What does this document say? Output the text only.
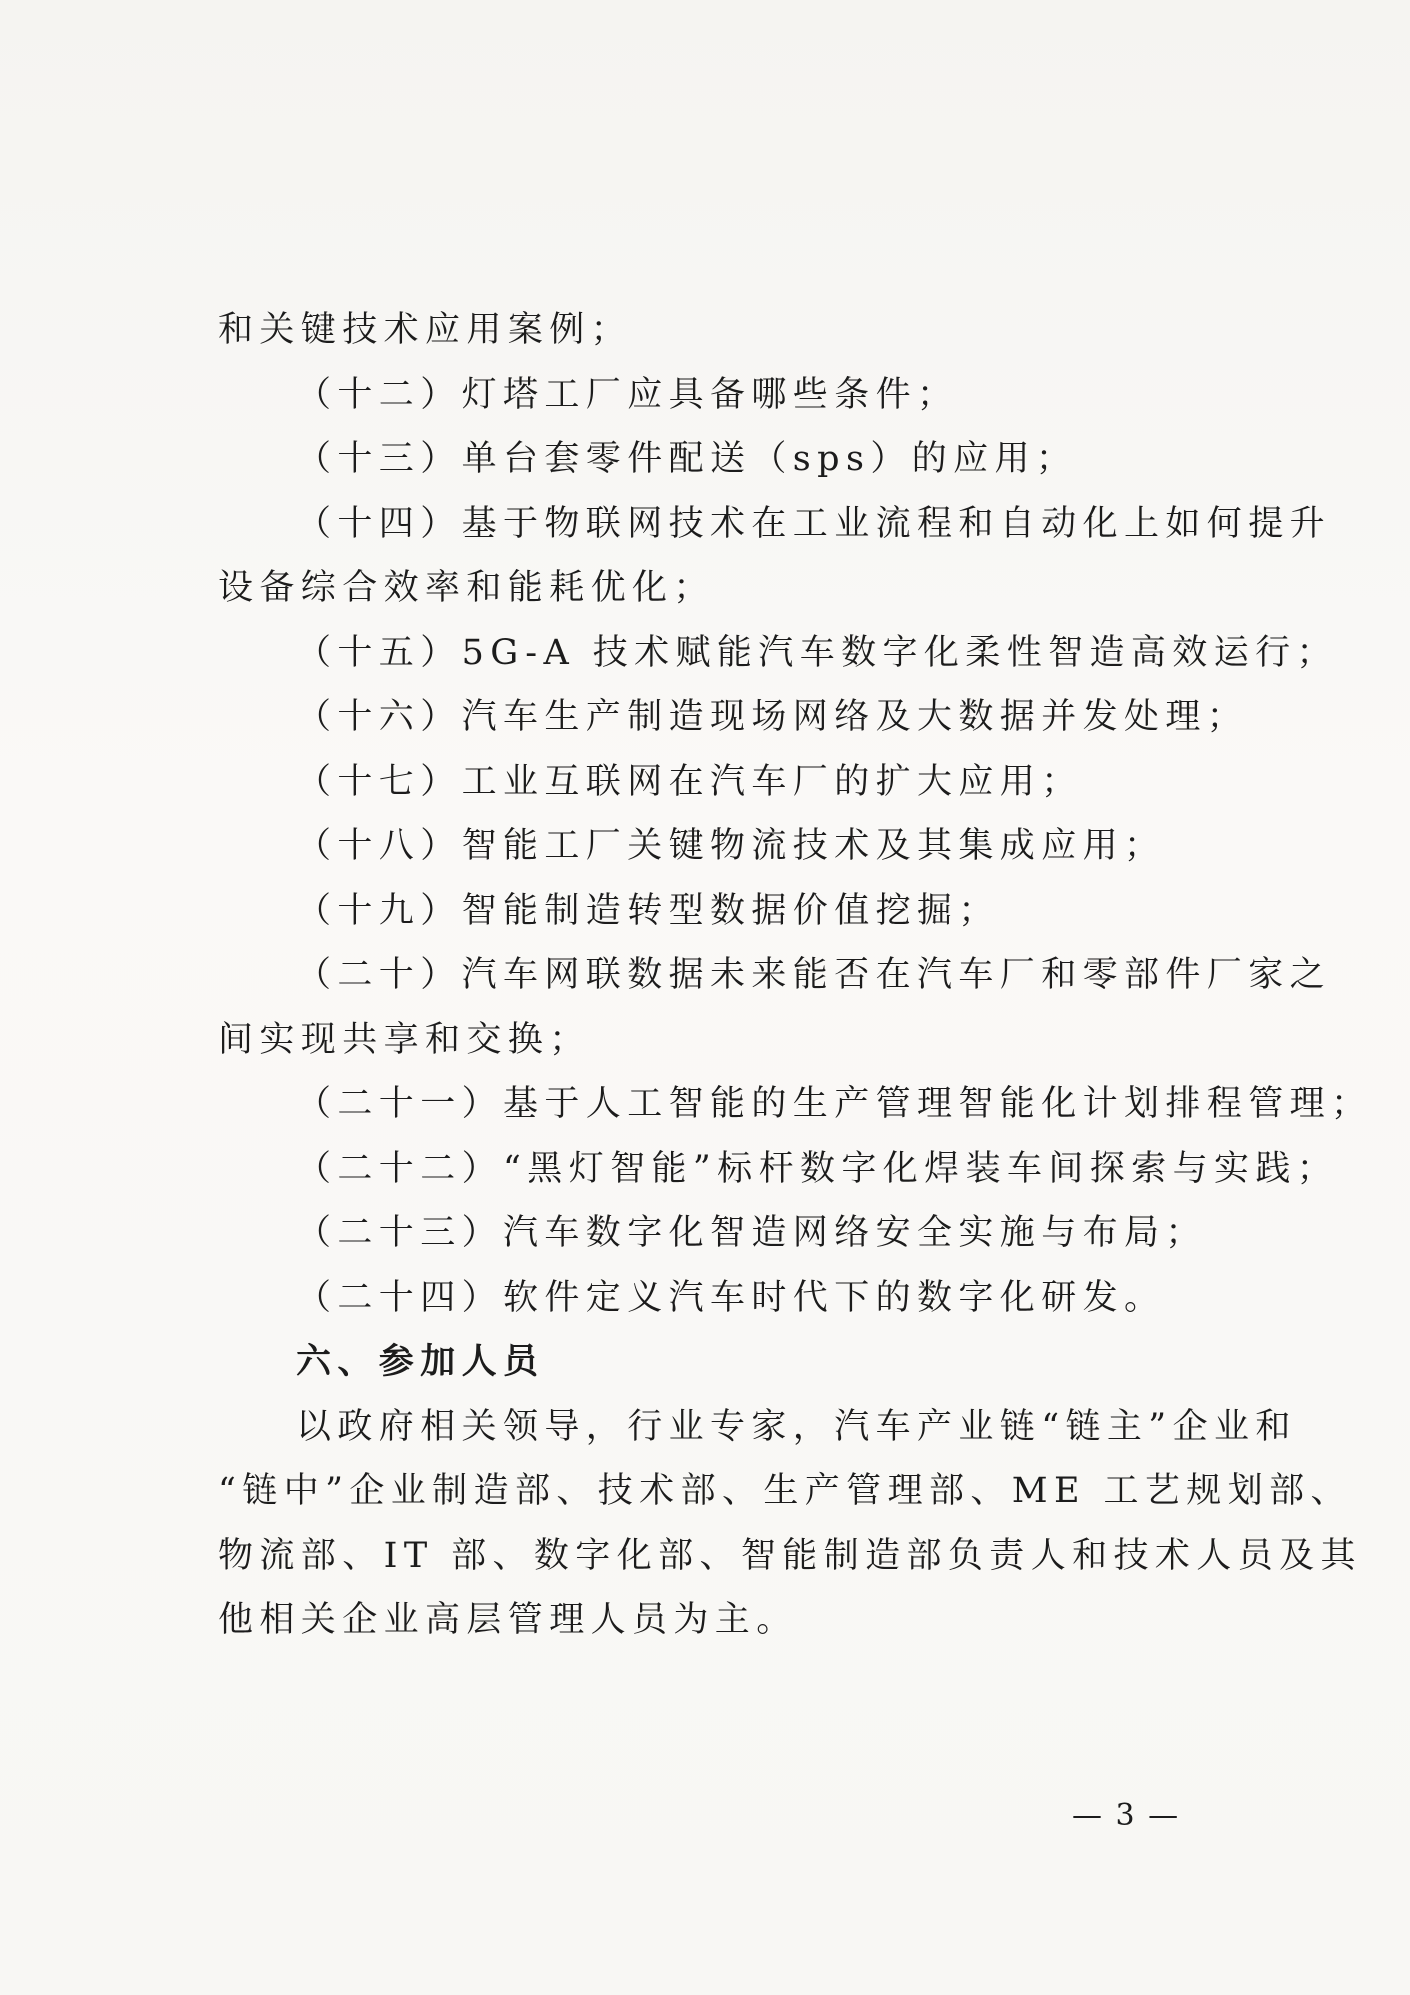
和关键技术应用案例；
（十二）灯塔工厂应具备哪些条件；
（十三）单台套零件配送（sps）的应用；
（十四）基于物联网技术在工业流程和自动化上如何提升
设备综合效率和能耗优化；
（十五）5G-A 技术赋能汽车数字化柔性智造高效运行；
（十六）汽车生产制造现场网络及大数据并发处理；
（十七）工业互联网在汽车厂的扩大应用；
（十八）智能工厂关键物流技术及其集成应用；
（十九）智能制造转型数据价值挖掘；
（二十）汽车网联数据未来能否在汽车厂和零部件厂家之
间实现共享和交换；
（二十一）基于人工智能的生产管理智能化计划排程管理；
（二十二）“黑灯智能”标杆数字化焊装车间探索与实践；
（二十三）汽车数字化智造网络安全实施与布局；
（二十四）软件定义汽车时代下的数字化研发。
六、参加人员
以政府相关领导，行业专家，汽车产业链“链主”企业和
“链中”企业制造部、技术部、生产管理部、ME 工艺规划部、
物流部、IT 部、数字化部、智能制造部负责人和技术人员及其
他相关企业高层管理人员为主。
— 3 —
